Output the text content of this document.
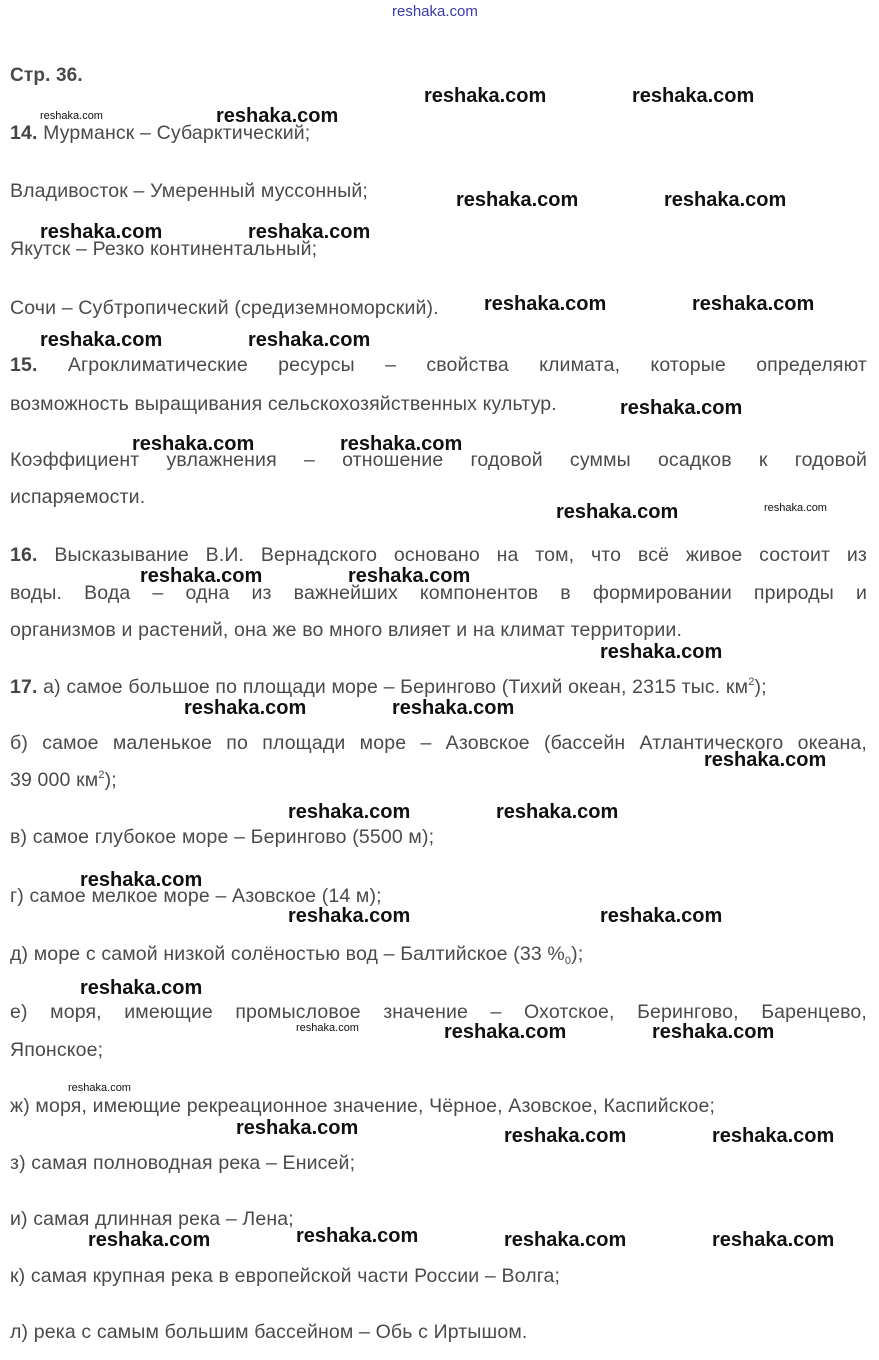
reshaka.com
Стр. 36.
14. Мурманск – Субарктический;
Владивосток – Умеренный муссонный;
Якутск – Резко континентальный;
Сочи – Субтропический (средиземноморский).
15. Агроклиматические ресурсы – свойства климата, которые определяют
возможность выращивания сельскохозяйственных культур.
Коэффициент увлажнения – отношение годовой суммы осадков к годовой
испаряемости.
16. Высказывание В.И. Вернадского основано на том, что всё живое состоит из
воды. Вода – одна из важнейших компонентов в формировании природы и
организмов и растений, она же во много влияет и на климат территории.
17. а) самое большое по площади море – Берингово (Тихий океан, 2315 тыс. $км^2$);
б) самое маленькое по площади море – Азовское (бассейн Атлантического океана,
39 000 $км^2$);
в) самое глубокое море – Берингово (5500 м);
г) самое мелкое море – Азовское (14 м);
д) море с самой низкой солёностью вод – Балтийское (33 $\%_0$);
е) моря, имеющие промысловое значение – Охотское, Берингово, Баренцево,
Японское;
ж) моря, имеющие рекреационное значение, Чёрное, Азовское, Каспийское;
з) самая полноводная река – Енисей;
и) самая длинная река – Лена;
к) самая крупная река в европейской части России – Волга;
л) река с самым большим бассейном – Обь с Иртышом.
reshaka.com	reshaka.com
reshaka.com	reshaka.com
reshaka.com	reshaka.com
reshaka.com	reshaka.com
reshaka.com	reshaka.com
reshaka.com	reshaka.com
reshaka.com
reshaka.com	reshaka.com
reshaka.com	reshaka.com
reshaka.com	reshaka.com
reshaka.com
reshaka.com	reshaka.com
reshaka.com
reshaka.com	reshaka.com
reshaka.com
reshaka.com	reshaka.com
reshaka.com
reshaka.com	reshaka.com	reshaka.com
reshaka.com
reshaka.com	reshaka.com	reshaka.com
reshaka.com	reshaka.com	reshaka.com	reshaka.com
